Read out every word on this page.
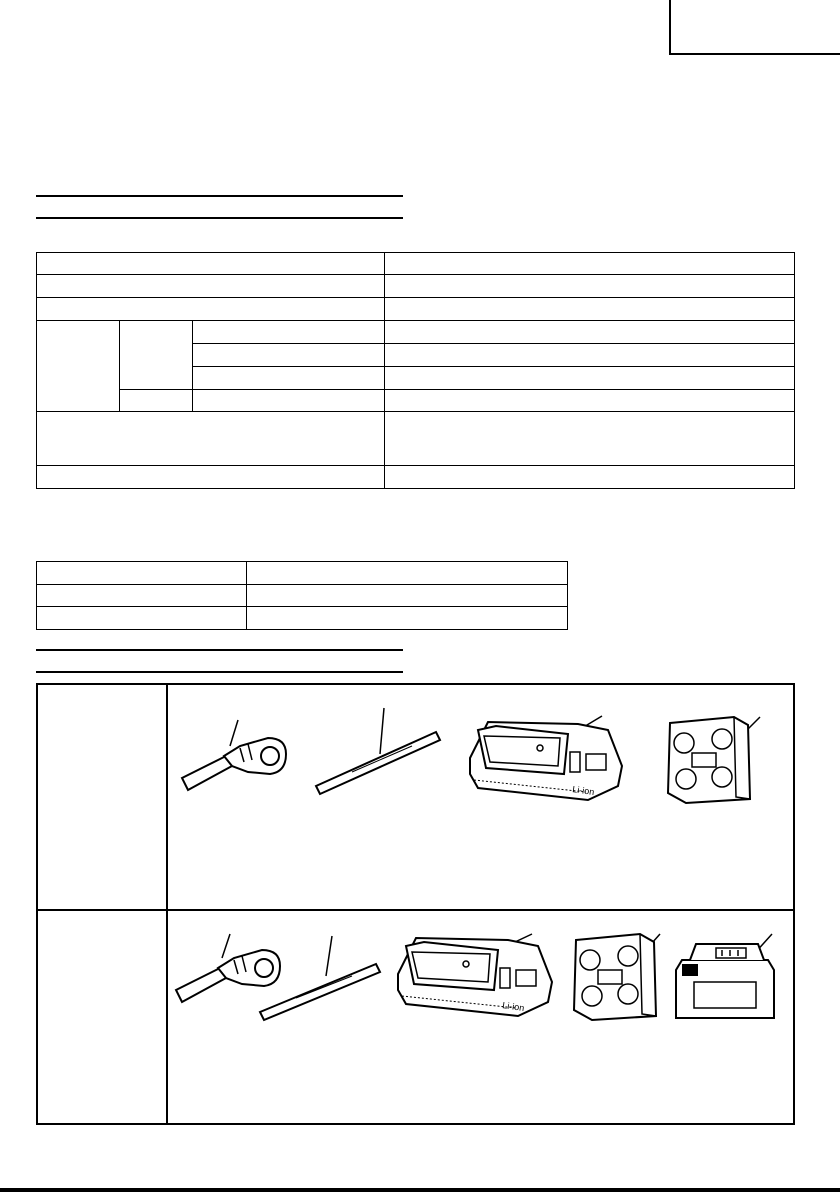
Li-ion
Li-ion
